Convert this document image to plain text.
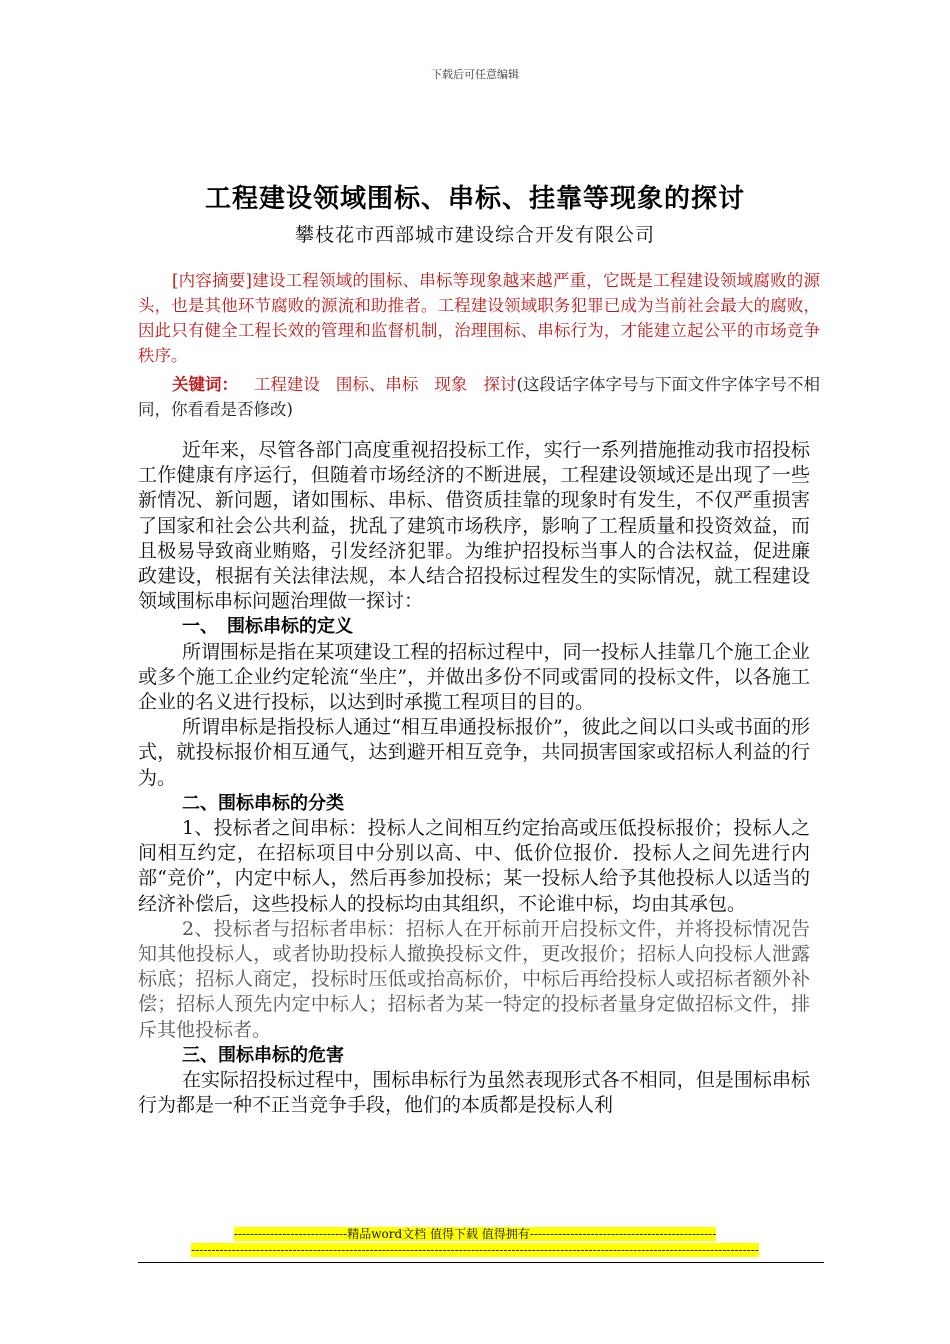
下载后可任意编辑
工程建设领域围标、串标、挂靠等现象的探讨
攀枝花市西部城市建设综合开发有限公司

[内容摘要]建设工程领域的围标、串标等现象越来越严重，它既是工程建设领域腐败的源头，也是其他环节腐败的源流和助推者。工程建设领域职务犯罪已成为当前社会最大的腐败，因此只有健全工程长效的管理和监督机制，治理围标、串标行为，才能建立起公平的市场竞争秩序。

关键词： 工程建设 围标、串标 现象 探讨(这段话字体字号与下面文件字体字号不相同，你看看是否修改)

近年来，尽管各部门高度重视招投标工作，实行一系列措施推动我市招投标工作健康有序运行，但随着市场经济的不断进展，工程建设领域还是出现了一些新情况、新问题，诸如围标、串标、借资质挂靠的现象时有发生，不仅严重损害了国家和社会公共利益，扰乱了建筑市场秩序，影响了工程质量和投资效益，而且极易导致商业贿赂，引发经济犯罪。为维护招投标当事人的合法权益，促进廉政建设，根据有关法律法规，本人结合招投标过程发生的实际情况，就工程建设领域围标串标问题治理做一探讨：

一、　围标串标的定义

所谓围标是指在某项建设工程的招标过程中，同一投标人挂靠几个施工企业或多个施工企业约定轮流“坐庄”，并做出多份不同或雷同的投标文件，以各施工企业的名义进行投标，以达到时承揽工程项目的目的。

所谓串标是指投标人通过“相互串通投标报价”，彼此之间以口头或书面的形式，就投标报价相互通气，达到避开相互竞争，共同损害国家或招标人利益的行为。

二、围标串标的分类

1、投标者之间串标：投标人之间相互约定抬高或压低投标报价；投标人之间相互约定，在招标项目中分别以高、中、低价位报价．投标人之间先进行内部“竞价”，内定中标人，然后再参加投标；某一投标人给予其他投标人以适当的经济补偿后，这些投标人的投标均由其组织，不论谁中标，均由其承包。

2、投标者与招标者串标：招标人在开标前开启投标文件，并将投标情况告知其他投标人，或者协助投标人撤换投标文件，更改报价；招标人向投标人泄露标底；招标人商定，投标时压低或抬高标价，中标后再给投标人或招标者额外补偿；招标人预先内定中标人；招标者为某一特定的投标者量身定做招标文件，排斥其他投标者。

三、围标串标的危害

在实际招投标过程中，围标串标行为虽然表现形式各不相同，但是围标串标行为都是一种不正当竞争手段，他们的本质都是投标人利

----------------------------精品word文档 值得下载 值得拥有----------------------------------------------
--------------------------------------------------------------------------------------------------------------------------------------------
